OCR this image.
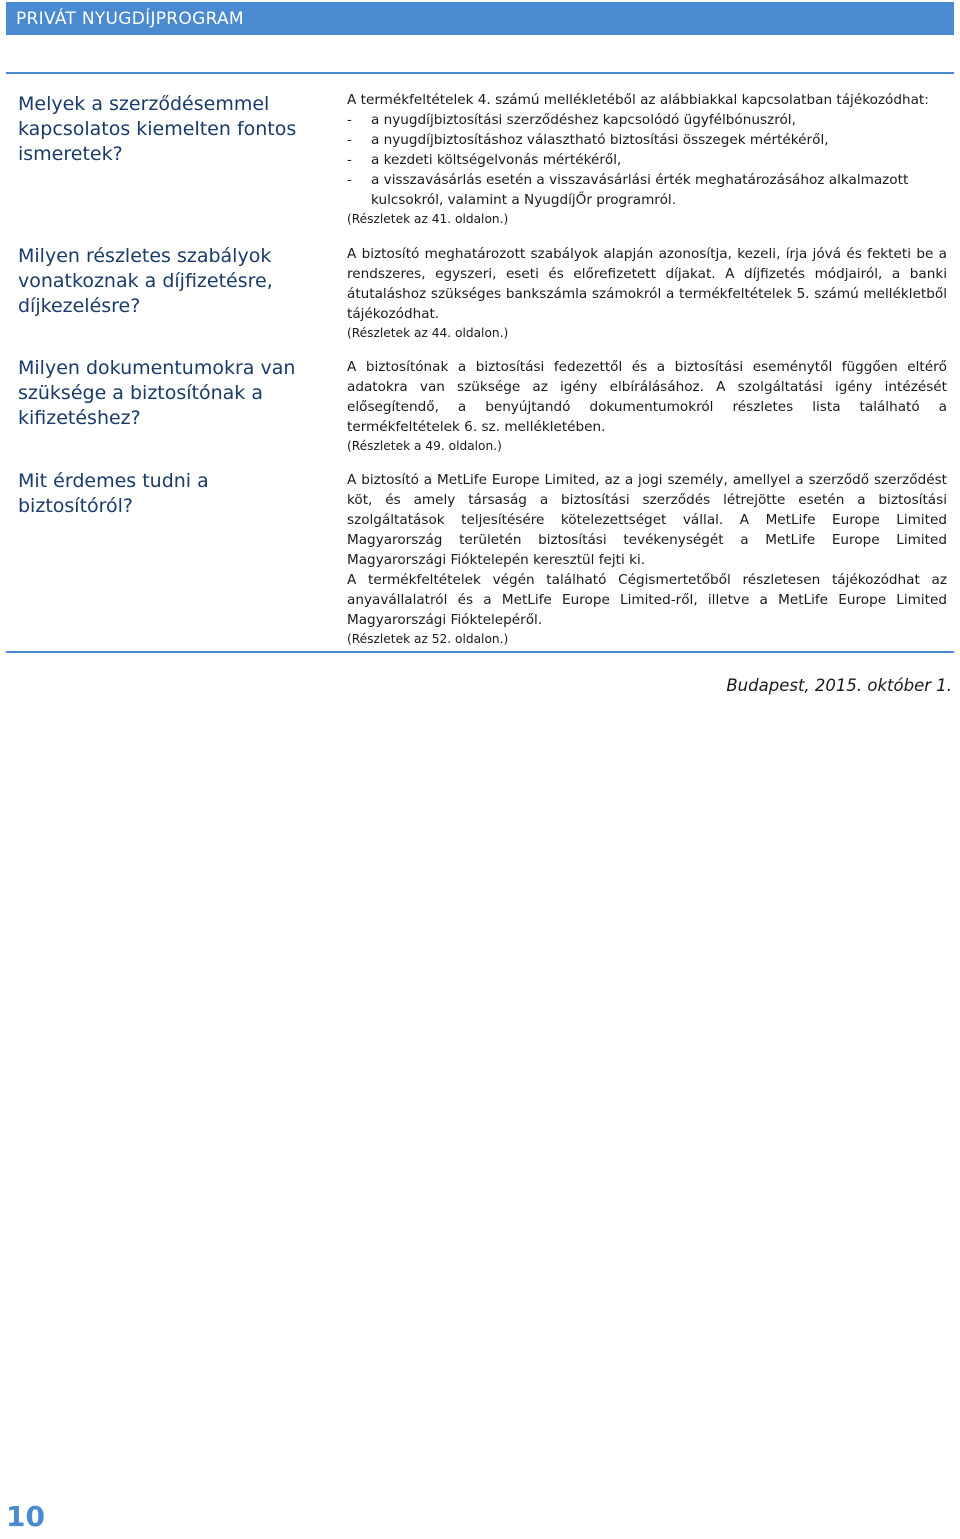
PRIVÁT NYUGDÍJPROGRAM
Melyek a szerződésemmel kapcsolatos kiemelten fontos ismeretek?

A termékfeltételek 4. számú mellékletéből az alábbiakkal kapcsolatban tájékozódhat:

-	a nyugdíjbiztosítási szerződéshez kapcsolódó ügyfélbónuszról,
-	a nyugdíjbiztosításhoz választható biztosítási összegek mértékéről,
-	a kezdeti költségelvonás mértékéről,
-	a visszavásárlás esetén a visszavásárlási érték meghatározásához alkalmazott kulcsokról, valamint a NyugdíjŐr programról.

(Részletek az 41. oldalon.)

Milyen részletes szabályok vonatkoznak a díjfizetésre, díjkezelésre?

A biztosító meghatározott szabályok alapján azonosítja, kezeli, írja jóvá és fekteti be a rendszeres, egyszeri, eseti és előrefizetett díjakat. A díjfizetés módjairól, a banki átutaláshoz szükséges bankszámla számokról a termékfeltételek 5. számú mellékletből tájékozódhat.

(Részletek az 44. oldalon.)

Milyen dokumentumokra van szüksége a biztosítónak a kifizetéshez?

A biztosítónak a biztosítási fedezettől és a biztosítási eseménytől függően eltérő adatokra van szüksége az igény elbírálásához. A szolgáltatási igény intézését elősegítendő, a benyújtandó dokumentumokról részletes lista található a termékfeltételek 6. sz. mellékletében.

(Részletek a 49. oldalon.)

Mit érdemes tudni a biztosítóról?

A biztosító a MetLife Europe Limited, az a jogi személy, amellyel a szerződő szerződést köt, és amely társaság a biztosítási szerződés létrejötte esetén a biztosítási szolgáltatások teljesítésére kötelezettséget vállal. A MetLife Europe Limited Magyarország területén biztosítási tevékenységét a MetLife Europe Limited Magyarországi Fióktelepén keresztül fejti ki.

A termékfeltételek végén található Cégismertetőből részletesen tájékozódhat az anyavállalatról és a MetLife Europe Limited-ről, illetve a MetLife Europe Limited Magyarországi Fióktelepéről.

(Részletek az 52. oldalon.)

Budapest, 2015. október 1.
10
